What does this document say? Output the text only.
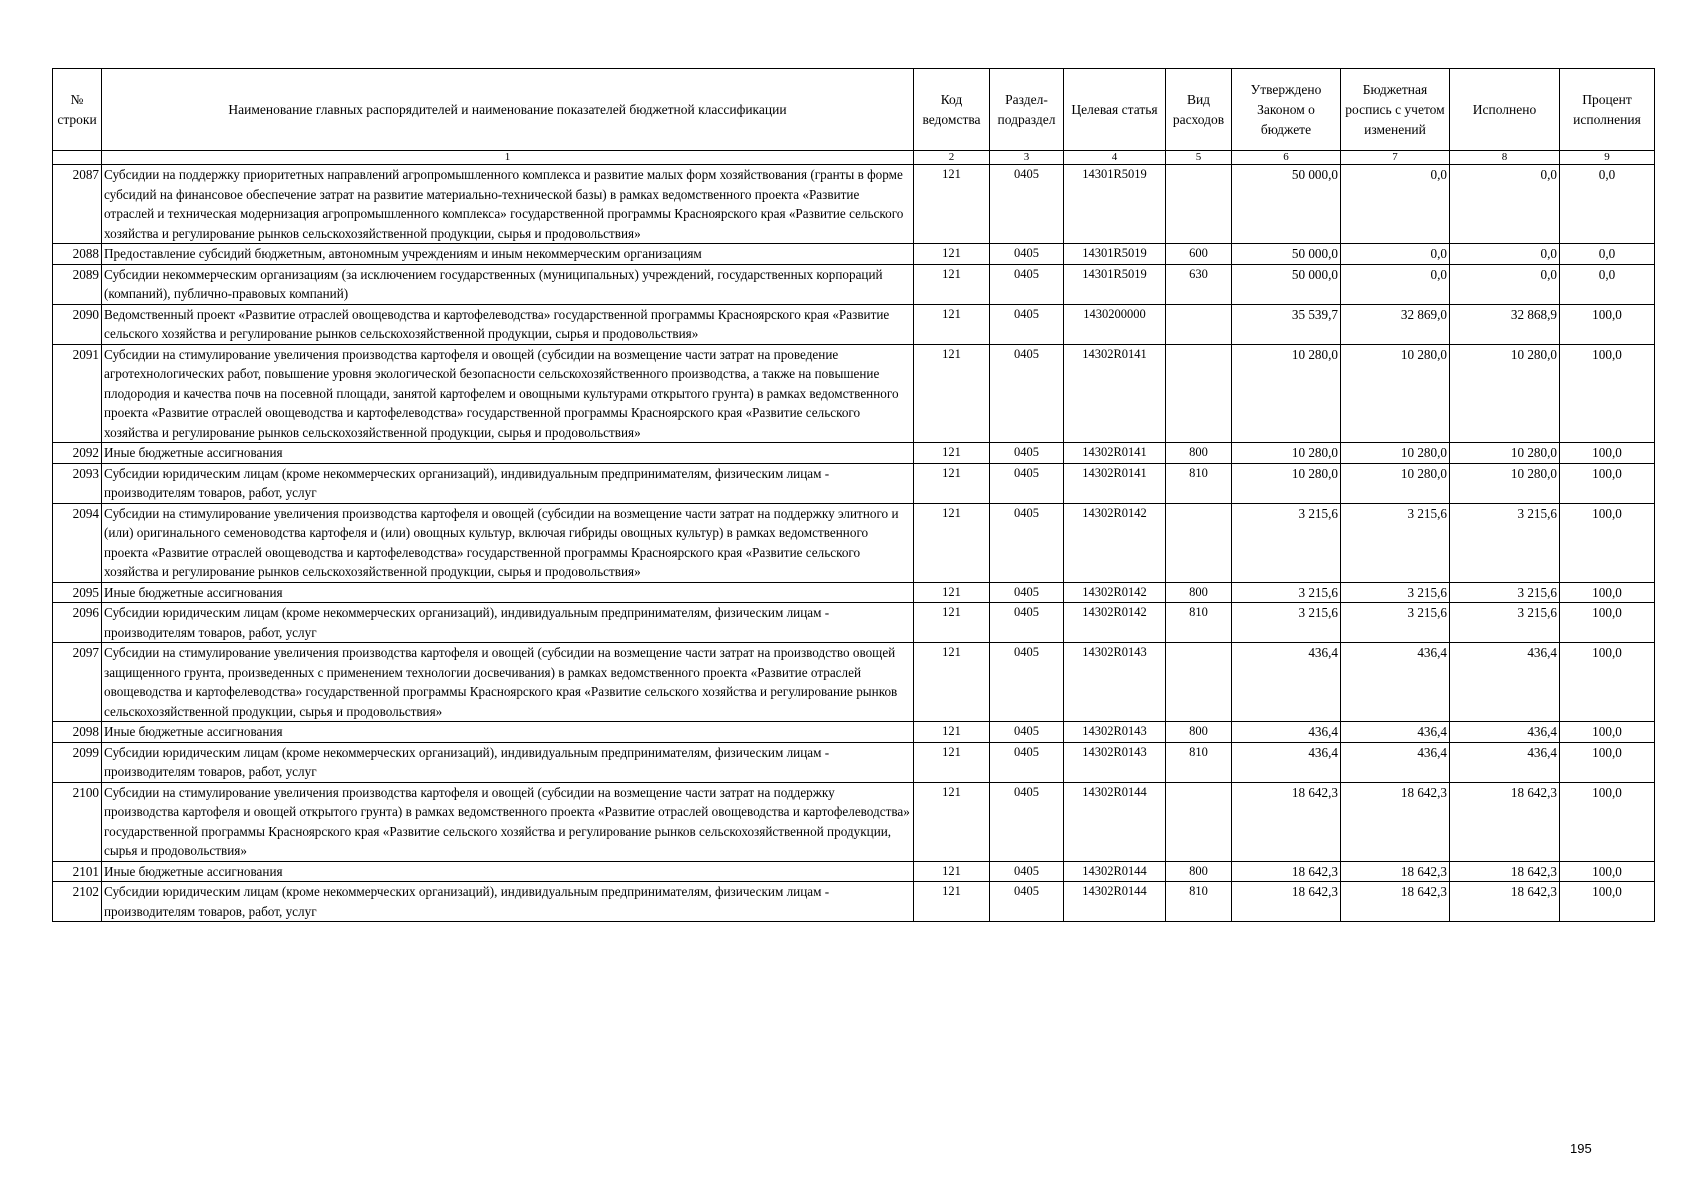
№ строки	Наименование главных распорядителей и наименование показателей бюджетной классификации	Код ведомства	Раздел-подраздел	Целевая статья	Вид расходов	Утверждено Законом о бюджете	Бюджетная роспись с учетом изменений	Исполнено	Процент исполнения
	1	2	3	4	5	6	7	8	9
2087	Субсидии на поддержку приоритетных направлений агропромышленного комплекса и развитие малых форм хозяйствования (гранты в форме субсидий на финансовое обеспечение затрат на развитие материально-технической базы) в рамках ведомственного проекта «Развитие отраслей и техническая модернизация агропромышленного комплекса» государственной программы Красноярского края «Развитие сельского хозяйства и регулирование рынков сельскохозяйственной продукции, сырья и продовольствия»	121	0405	14301R5019		50 000,0	0,0	0,0	0,0
2088	Предоставление субсидий бюджетным, автономным учреждениям и иным некоммерческим организациям	121	0405	14301R5019	600	50 000,0	0,0	0,0	0,0
2089	Субсидии некоммерческим организациям (за исключением государственных (муниципальных) учреждений, государственных корпораций (компаний), публично-правовых компаний)	121	0405	14301R5019	630	50 000,0	0,0	0,0	0,0
2090	Ведомственный проект «Развитие отраслей овощеводства и картофелеводства» государственной программы Красноярского края «Развитие сельского хозяйства и регулирование рынков сельскохозяйственной продукции, сырья и продовольствия»	121	0405	1430200000		35 539,7	32 869,0	32 868,9	100,0
2091	Субсидии на стимулирование увеличения производства картофеля и овощей (субсидии на возмещение части затрат на проведение агротехнологических работ, повышение уровня экологической безопасности сельскохозяйственного производства, а также на повышение плодородия и качества почв на посевной площади, занятой картофелем и овощными культурами открытого грунта) в рамках ведомственного проекта «Развитие отраслей овощеводства и картофелеводства» государственной программы Красноярского края «Развитие сельского хозяйства и регулирование рынков сельскохозяйственной продукции, сырья и продовольствия»	121	0405	14302R0141		10 280,0	10 280,0	10 280,0	100,0
2092	Иные бюджетные ассигнования	121	0405	14302R0141	800	10 280,0	10 280,0	10 280,0	100,0
2093	Субсидии юридическим лицам (кроме некоммерческих организаций), индивидуальным предпринимателям, физическим лицам - производителям товаров, работ, услуг	121	0405	14302R0141	810	10 280,0	10 280,0	10 280,0	100,0
2094	Субсидии на стимулирование увеличения производства картофеля и овощей (субсидии на возмещение части затрат на поддержку элитного и (или) оригинального семеноводства картофеля и (или) овощных культур, включая гибриды овощных культур) в рамках ведомственного проекта «Развитие отраслей овощеводства и картофелеводства» государственной программы Красноярского края «Развитие сельского хозяйства и регулирование рынков сельскохозяйственной продукции, сырья и продовольствия»	121	0405	14302R0142		3 215,6	3 215,6	3 215,6	100,0
2095	Иные бюджетные ассигнования	121	0405	14302R0142	800	3 215,6	3 215,6	3 215,6	100,0
2096	Субсидии юридическим лицам (кроме некоммерческих организаций), индивидуальным предпринимателям, физическим лицам - производителям товаров, работ, услуг	121	0405	14302R0142	810	3 215,6	3 215,6	3 215,6	100,0
2097	Субсидии на стимулирование увеличения производства картофеля и овощей (субсидии на возмещение части затрат на производство овощей защищенного грунта, произведенных с применением технологии досвечивания) в рамках ведомственного проекта «Развитие отраслей овощеводства и картофелеводства» государственной программы Красноярского края «Развитие сельского хозяйства и регулирование рынков сельскохозяйственной продукции, сырья и продовольствия»	121	0405	14302R0143		436,4	436,4	436,4	100,0
2098	Иные бюджетные ассигнования	121	0405	14302R0143	800	436,4	436,4	436,4	100,0
2099	Субсидии юридическим лицам (кроме некоммерческих организаций), индивидуальным предпринимателям, физическим лицам - производителям товаров, работ, услуг	121	0405	14302R0143	810	436,4	436,4	436,4	100,0
2100	Субсидии на стимулирование увеличения производства картофеля и овощей (субсидии на возмещение части затрат на поддержку производства картофеля и овощей открытого грунта) в рамках ведомственного проекта «Развитие отраслей овощеводства и картофелеводства» государственной программы Красноярского края «Развитие сельского хозяйства и регулирование рынков сельскохозяйственной продукции, сырья и продовольствия»	121	0405	14302R0144		18 642,3	18 642,3	18 642,3	100,0
2101	Иные бюджетные ассигнования	121	0405	14302R0144	800	18 642,3	18 642,3	18 642,3	100,0
2102	Субсидии юридическим лицам (кроме некоммерческих организаций), индивидуальным предпринимателям, физическим лицам - производителям товаров, работ, услуг	121	0405	14302R0144	810	18 642,3	18 642,3	18 642,3	100,0
195
